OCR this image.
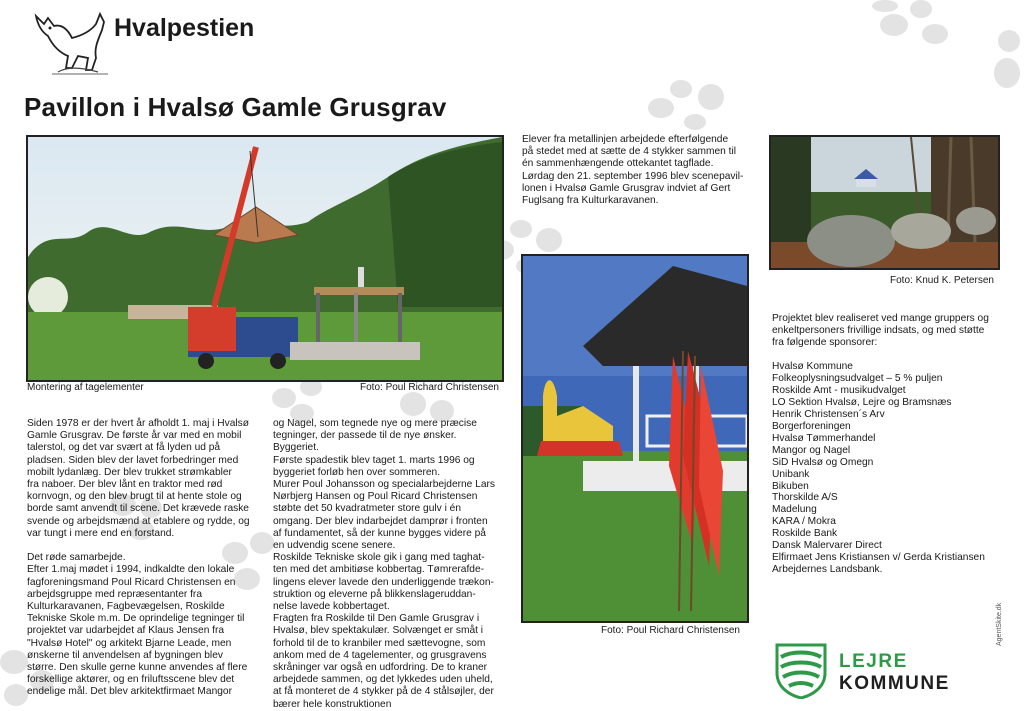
Hvalpestien
Pavillon i Hvalsø Gamle Grusgrav
Montering af tagelementer	Foto: Poul Richard Christensen
Foto: Poul Richard Christensen
Foto: Knud K. Petersen
Siden 1978 er der hvert år afholdt 1. maj i Hvalsø
Gamle Grusgrav. De første år var med en mobil
talerstol, og det var svært at få lyden ud på
pladsen. Siden blev der lavet forbedringer med
mobilt lydanlæg. Der blev trukket strømkabler
fra naboer. Der blev lånt en traktor med rød
kornvogn, og den blev brugt til at hente stole og
borde samt anvendt til scene. Det krævede raske
svende og arbejdsmænd at etablere og rydde, og
var tungt i mere end en forstand.

Det røde samarbejde.
Efter 1.maj mødet i 1994, indkaldte den lokale
fagforeningsmand Poul Ricard Christensen en
arbejdsgruppe med repræsentanter fra
Kulturkaravanen, Fagbevægelsen, Roskilde
Tekniske Skole m.m. De oprindelige tegninger til
projektet var udarbejdet af Klaus Jensen fra
"Hvalsø Hotel" og arkitekt Bjarne Leade, men
ønskerne til anvendelsen af bygningen blev
større. Den skulle gerne kunne anvendes af flere
forskellige aktører, og en friluftsscene blev det
endelige mål. Det blev arkitektfirmaet Mangor
og Nagel, som tegnede nye og mere præcise
tegninger, der passede til de nye ønsker.
Byggeriet.
Første spadestik blev taget 1. marts 1996 og
byggeriet forløb hen over sommeren.
Murer Poul Johansson og specialarbejderne Lars
Nørbjerg Hansen og Poul Ricard Christensen
støbte det 50 kvadratmeter store gulv i én
omgang. Der blev indarbejdet damprør i fronten
af fundamentet, så der kunne bygges videre på
en udvendig scene senere.
Roskilde Tekniske skole gik i gang med taghat-
ten med det ambitiøse kobbertag. Tømrerafde-
lingens elever lavede den underliggende trækon-
struktion og eleverne på blikkenslageruddan-
nelse lavede kobbertaget.
Fragten fra Roskilde til Den Gamle Grusgrav i
Hvalsø, blev spektakulær. Solvænget er småt i
forhold til de to kranbiler med sættevogne, som
ankom med de 4 tagelementer, og grusgravens
skråninger var også en udfordring. De to kraner
arbejdede sammen, og det lykkedes uden uheld,
at få monteret de 4 stykker på de 4 stålsøjler, der
bærer hele konstruktionen
Elever fra metallinjen arbejdede efterfølgende
på stedet med at sætte de 4 stykker sammen til
én sammenhængende ottekantet tagflade.
Lørdag den 21. september 1996 blev scenepavil-
lonen i Hvalsø Gamle Grusgrav indviet af Gert
Fuglsang fra Kulturkaravanen.
Projektet blev realiseret ved mange gruppers og
enkeltpersoners frivillige indsats, og med støtte
fra følgende sponsorer:
Hvalsø Kommune
Folkeoplysningsudvalget – 5 % puljen
Roskilde Amt - musikudvalget
LO Sektion Hvalsø, Lejre og Bramsnæs
Henrik Christensen´s Arv
Borgerforeningen
Hvalsø Tømmerhandel
Mangor og Nagel
SiD Hvalsø og Omegn
Unibank
Bikuben
Thorskilde A/S
Madelung
KARA / Mokra
Roskilde Bank
Dansk Malervarer Direct
Elfirmaet Jens Kristiansen v/ Gerda Kristiansen
Arbejdernes Landsbank.
LEJRE
KOMMUNE
AgentSkite.dk
